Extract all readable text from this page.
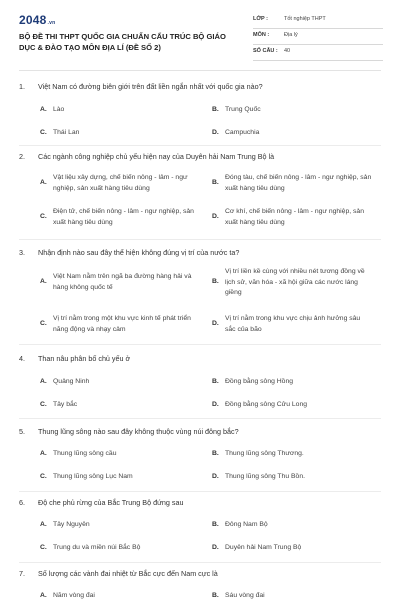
2048.vn
BỘ ĐỀ THI THPT QUỐC GIA CHUẨN CẤU TRÚC BỘ GIÁO DỤC & ĐÀO TẠO MÔN ĐỊA LÍ (ĐỀ SỐ 2)
LỚP :	Tốt nghiệp THPT
MÔN :	Địa lý
SỐ CÂU : 40
1. Việt Nam có đường biên giới trên đất liền ngắn nhất với quốc gia nào?
A. Lào	B. Trung Quốc
C. Thái Lan	D. Campuchia
2. Các ngành công nghiệp chủ yếu hiện nay của Duyên hải Nam Trung Bộ là
A.
Vật liệu xây dựng, chế biến nông - lâm - ngư nghiệp, sản xuất hàng tiêu dùng
B.
Đóng tàu, chế biến nông - lâm - ngư nghiệp, sản xuất hàng tiêu dùng
C.
Điện tử, chế biến nông - lâm - ngư nghiệp, sản xuất hàng tiêu dùng
D.
Cơ khí, chế biến nông - lâm - ngư nghiệp, sản xuất hàng tiêu dùng
3. Nhận định nào sau đây thể hiện không đúng vị trí của nước ta?
A.
Việt Nam nằm trên ngã ba đường hàng hải và hàng không quốc tế
B.
Vị trí liền kề cùng với nhiều nét tương đồng về lịch sử, văn hóa - xã hội giữa các nước láng giềng
C.
Vị trí nằm trong một khu vực kinh tế phát triển năng động và nhạy cảm
D.
Vị trí nằm trong khu vực chịu ảnh hưởng sâu sắc của bão
4. Than nâu phân bố chủ yếu ở
A. Quảng Ninh	B. Đồng bằng sông Hồng
C. Tây bắc	D. Đồng bằng sông Cửu Long
5. Thung lũng sông nào sau đây không thuộc vùng núi đông bắc?
A. Thung lũng sông cầu	B. Thung lũng sông Thương.
C. Thung lũng sông Lục Nam	D. Thung lũng sông Thu Bồn.
6. Độ che phủ rừng của Bắc Trung Bộ đứng sau
A. Tây Nguyên	B. Đông Nam Bộ
C. Trung du và miền núi Bắc Bộ	D. Duyên hải Nam Trung Bộ
7. Số lượng các vành đai nhiệt từ Bắc cực đến Nam cực là
A. Năm vòng đai	B. Sáu vòng đai
